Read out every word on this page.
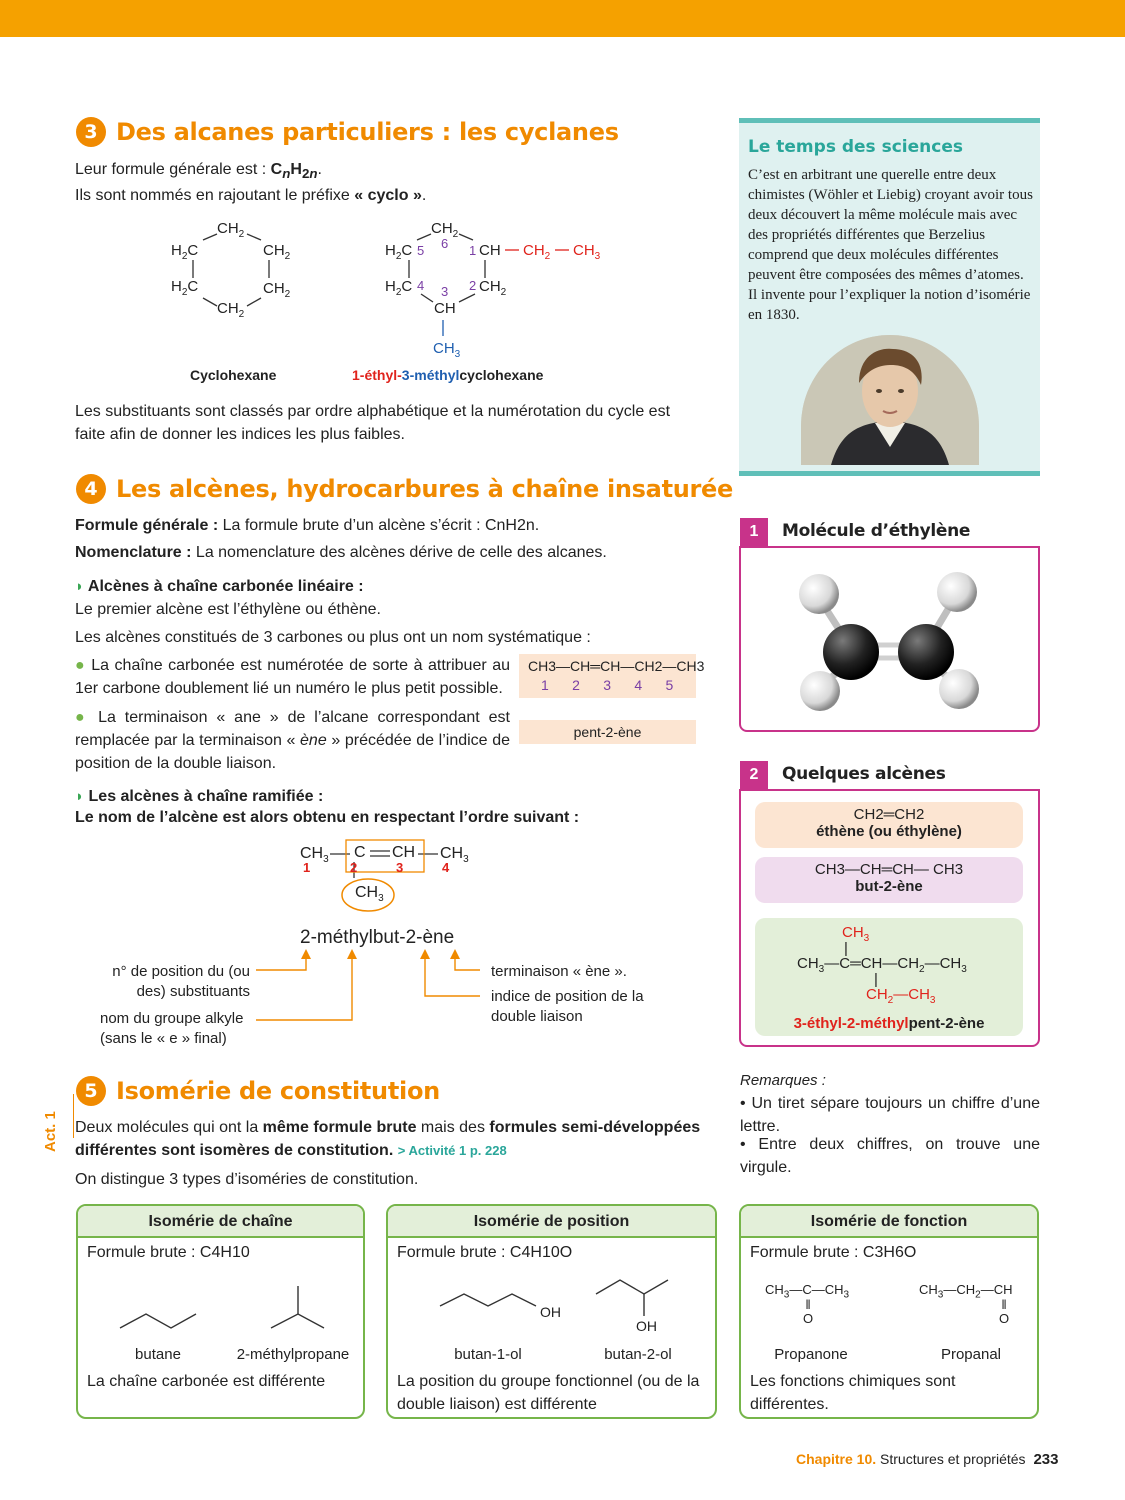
3 Des alcanes particuliers : les cyclanes
Leur formule générale est : $C_nH_{2n}$.
Ils sont nommés en rajoutant le préfixe « cyclo ».
$CH_2$
$H_2C$	$CH_2$
$H_2C$	$CH_2$
$CH_2$
Cyclohexane
$CH_2$
$H_2C$ 5 6 1 CH $CH_2$ $CH_3$
$H_2C$ 4 3 2 $CH_2$
CH
$CH_3$
1-éthyl-3-méthylcyclohexane
Les substituants sont classés par ordre alphabétique et la numérotation du cycle est faite afin de donner les indices les plus faibles.
4 Les alcènes, hydrocarbures à chaîne insaturée
Formule générale : La formule brute d’un alcène s’écrit : CnH2n.
Nomenclature : La nomenclature des alcènes dérive de celle des alcanes.
◗ Alcènes à chaîne carbonée linéaire :
Le premier alcène est l’éthylène ou éthène.
Les alcènes constitués de 3 carbones ou plus ont un nom systématique :
● La chaîne carbonée est numérotée de sorte à attribuer au 1er carbone doublement lié un numéro le plus petit possible.
● La terminaison « ane » de l’alcane correspondant est remplacée par la terminaison « ène » précédée de l’indice de position de la double liaison.
CH3—CH═CH—CH2—CH3
1      2      3      4      5
pent-2-ène
◗ Les alcènes à chaîne ramifiée :
Le nom de l’alcène est alors obtenu en respectant l’ordre suivant :
$CH_3$ C CH $CH_3$
1	2	3	4
$CH_3$
2-méthylbut-2-ène
n° de position du (ou des) substituants
nom du groupe alkyle (sans le « e » final)
terminaison « ène ».
indice de position de la double liaison
Act. 1
5 Isomérie de constitution
Deux molécules qui ont la même formule brute mais des formules semi-développées différentes sont isomères de constitution. > Activité 1 p. 228
On distingue 3 types d’isoméries de constitution.
Remarques :
• Un tiret sépare toujours un chiffre d’une lettre.
• Entre deux chiffres, on trouve une virgule.
Isomérie de chaîne
Formule brute : C4H10
butane	2-méthylpropane
La chaîne carbonée est différente
Isomérie de position
Formule brute : C4H10O
OH
OH
butan-1-ol	butan-2-ol
La position du groupe fonctionnel (ou de la double liaison) est différente
Isomérie de fonction
Formule brute : C3H6O
$CH_3—C—CH_3$
‖
O
$CH_3—CH_2—CH$
‖
O
Propanone	Propanal
Les fonctions chimiques sont différentes.
Le temps des sciences
C’est en arbitrant une querelle entre deux chimistes (Wöhler et Liebig) croyant avoir tous deux découvert la même molécule mais avec des propriétés différentes que Berzelius comprend que deux molécules différentes peuvent être composées des mêmes d’atomes. Il invente pour l’expliquer la notion d’isomérie en 1830.
1	Molécule d’éthylène
2	Quelques alcènes
CH2═CH2
éthène (ou éthylène)
CH3—CH═CH— CH3
but-2-ène
$CH_3$
|
$CH_3—C═CH—CH_2—CH_3$
|
$CH_2—CH_3$
3-éthyl-2-méthylpent-2-ène
Chapitre 10. Structures et propriétés 233
